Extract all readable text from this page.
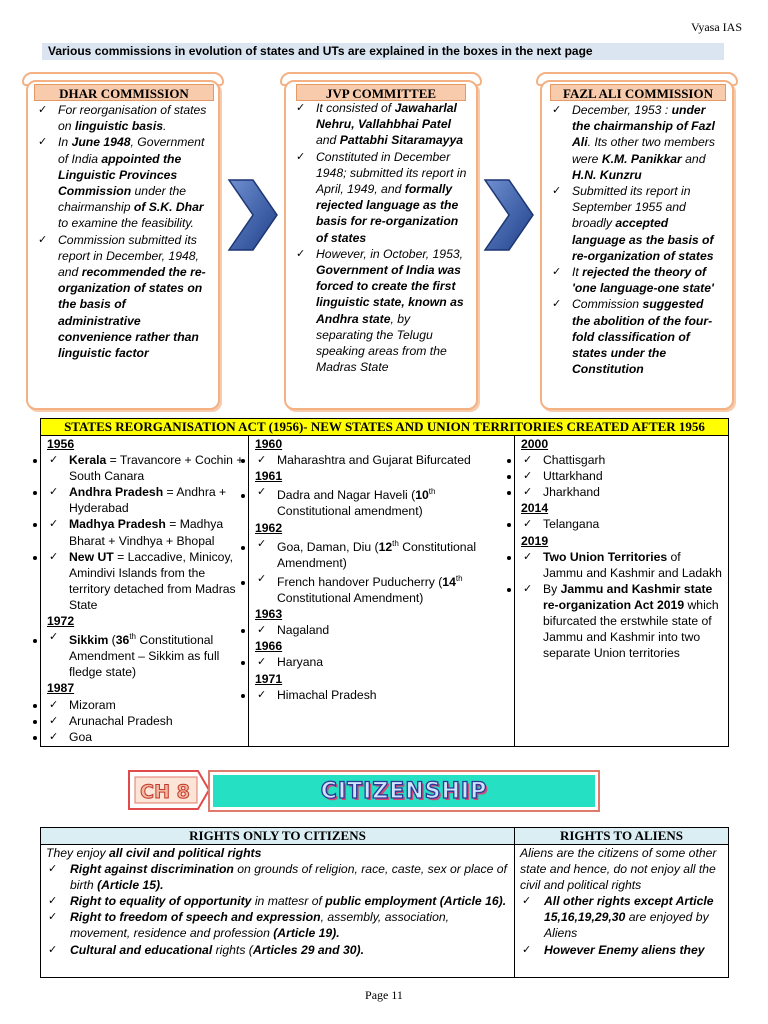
Vyasa IAS
Various commissions in evolution of states and UTs are explained in the boxes in the next page
✓ For reorganisation of states on linguistic basis.
✓ In June 1948, Government of India appointed the Linguistic Provinces Commission under the chairmanship of S.K. Dhar to examine the feasibility.
✓ Commission submitted its report in December, 1948, and recommended the re-organization of states on the basis of administrative convenience rather than linguistic factor
DHAR COMMISSION
✓ It consisted of Jawaharlal Nehru, Vallahbhai Patel and Pattabhi Sitaramayya
✓ Constituted in December 1948; submitted its report in April, 1949, and formally rejected language as the basis for re-organization of states
✓ However, in October, 1953, Government of India was forced to create the first linguistic state, known as Andhra state, by separating the Telugu speaking areas from the Madras State
JVP COMMITTEE
✓ December, 1953 : under the chairmanship of Fazl Ali. Its other two members were K.M. Panikkar and H.N. Kunzru
✓ Submitted its report in September 1955 and broadly accepted language as the basis of re-organization of states
✓ It rejected the theory of 'one language-one state'
✓ Commission suggested the abolition of the four-fold classification of states under the Constitution
FAZL ALI COMMISSION
STATES REORGANISATION ACT (1956)- NEW STATES AND UNION TERRITORIES CREATED AFTER 1956
1956
✓ • Kerala = Travancore + Cochin + South Canara
✓ • Andhra Pradesh = Andhra + Hyderabad
✓ • Madhya Pradesh = Madhya Bharat + Vindhya + Bhopal
✓ • New UT = Laccadive, Minicoy, Amindivi Islands from the territory detached from Madras State
1972
✓ • Sikkim (36th Constitutional Amendment – Sikkim as full fledge state)
1987
✓ • Mizoram
✓ • Arunachal Pradesh
✓ • Goa
1960
✓ • Maharashtra and Gujarat Bifurcated
1961
✓ • Dadra and Nagar Haveli (10th Constitutional amendment)
1962
✓ • Goa, Daman, Diu (12th Constitutional Amendment)
✓ • French handover Puducherry (14th Constitutional Amendment)
1963
✓ • Nagaland
1966
✓ • Haryana
1971
✓ • Himachal Pradesh
2000
✓ • Chattisgarh
✓ • Uttarkhand
✓ • Jharkhand
2014
✓ • Telangana
2019
✓ • Two Union Territories of Jammu and Kashmir and Ladakh
✓ • By Jammu and Kashmir state re-organization Act 2019 which bifurcated the erstwhile state of Jammu and Kashmir into two separate Union territories
CH 8	CITIZENSHIP
RIGHTS ONLY TO CITIZENS	RIGHTS TO ALIENS
They enjoy all civil and political rights
✓ • Right against discrimination on grounds of religion, race, caste, sex or place of birth (Article 15).
✓ • Right to equality of opportunity in mattesr of public employment (Article 16).
✓ • Right to freedom of speech and expression, assembly, association, movement, residence and profession (Article 19).
✓ • Cultural and educational rights (Articles 29 and 30).
Aliens are the citizens of some other state and hence, do not enjoy all the civil and political rights
✓ • All other rights except Article 15,16,19,29,30 are enjoyed by Aliens
✓ • However Enemy aliens they
Page 11
